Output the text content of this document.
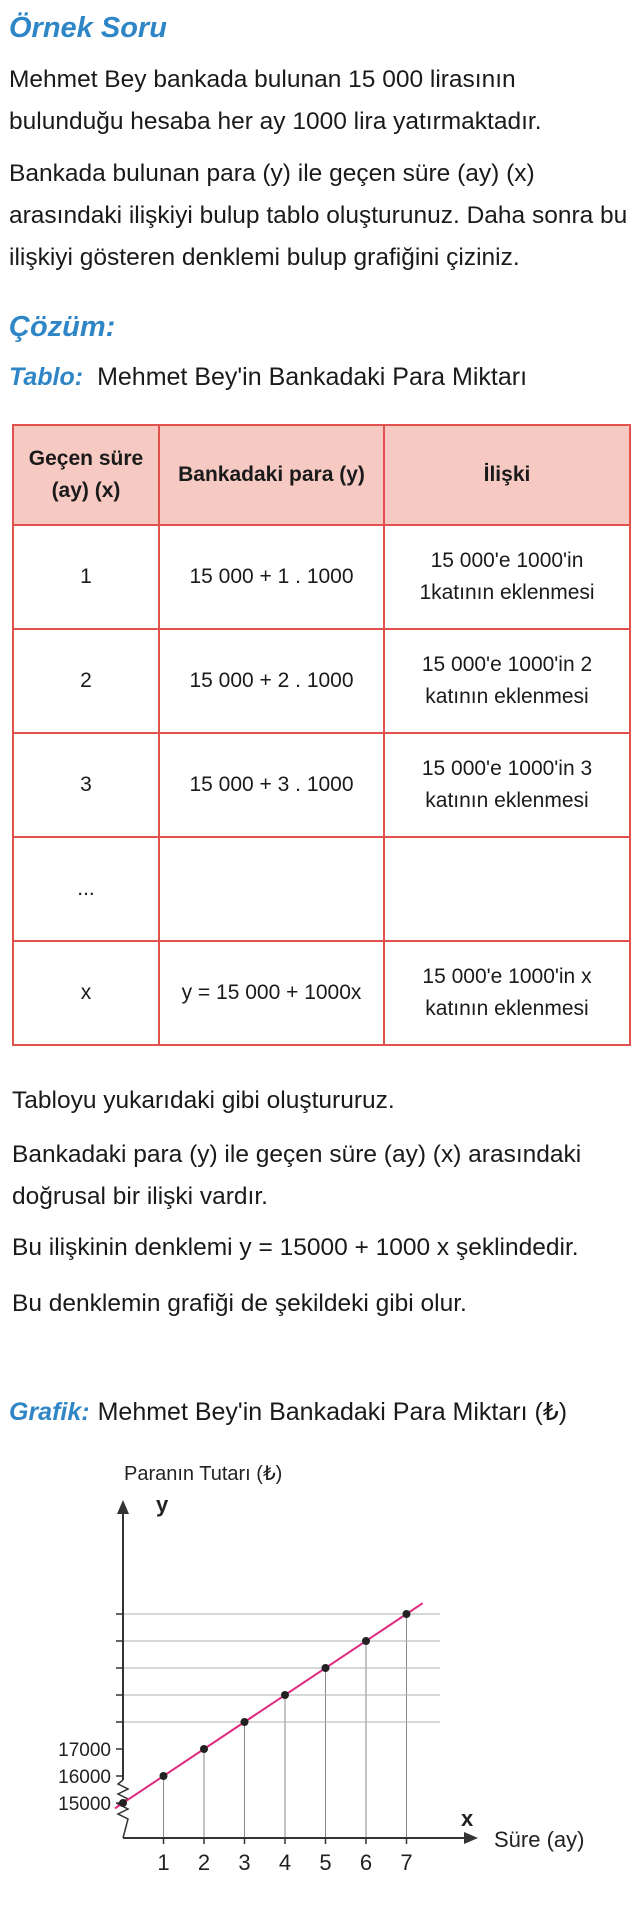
Örnek Soru

Mehmet Bey bankada bulunan 15 000 lirasının bulunduğu hesaba her ay 1000 lira yatırmaktadır.

Bankada bulunan para (y) ile geçen süre (ay) (x) arasındaki ilişkiyi bulup tablo oluşturunuz. Daha sonra bu ilişkiyi gösteren denklemi bulup grafiğini çiziniz.

Çözüm:
Tablo: Mehmet Bey'in Bankadaki Para Miktarı
Geçen süre (ay) (x)	Bankadaki para (y)	İlişki
1	15 000 + 1 . 1000	15 000'e 1000'in 1katının eklenmesi
2	15 000 + 2 . 1000	15 000'e 1000'in 2 katının eklenmesi
3	15 000 + 3 . 1000	15 000'e 1000'in 3 katının eklenmesi
...		
x	y = 15 000 + 1000x	15 000'e 1000'in x katının eklenmesi

Tabloyu yukarıdaki gibi oluştururuz.

Bankadaki para (y) ile geçen süre (ay) (x) arasındaki doğrusal bir ilişki vardır.

Bu ilişkinin denklemi y = 15000 + 1000 x şeklindedir.

Bu denklemin grafiği de şekildeki gibi olur.

Grafik: Mehmet Bey'in Bankadaki Para Miktarı (₺)
1 2 3 4 5 6 7
15000
16000
17000
Paranın Tutarı (₺)
y
x
Süre (ay)
